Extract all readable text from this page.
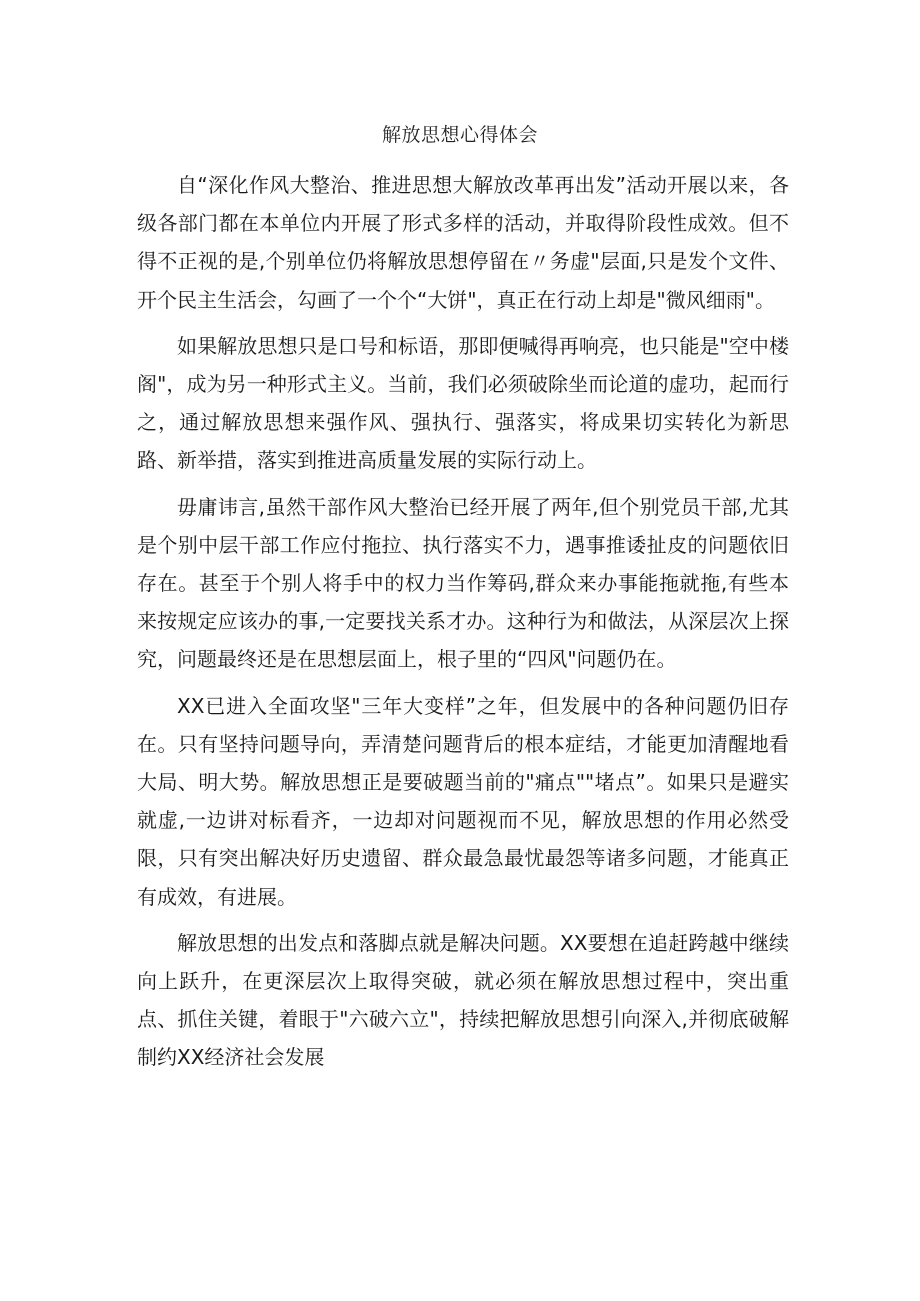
解放思想心得体会

自“深化作风大整治、推进思想大解放改革再出发”活动开展以来，各级各部门都在本单位内开展了形式多样的活动，并取得阶段性成效。但不得不正视的是,个别单位仍将解放思想停留在〃务虚"层面,只是发个文件、开个民主生活会，勾画了一个个“大饼"，真正在行动上却是"微风细雨"。

如果解放思想只是口号和标语，那即便喊得再响亮，也只能是"空中楼阁"，成为另一种形式主义。当前，我们必须破除坐而论道的虚功，起而行之，通过解放思想来强作风、强执行、强落实，将成果切实转化为新思路、新举措，落实到推进高质量发展的实际行动上。

毋庸讳言,虽然干部作风大整治已经开展了两年,但个别党员干部,尤其是个别中层干部工作应付拖拉、执行落实不力，遇事推诿扯皮的问题依旧存在。甚至于个别人将手中的权力当作筹码,群众来办事能拖就拖,有些本来按规定应该办的事,一定要找关系才办。这种行为和做法，从深层次上探究，问题最终还是在思想层面上，根子里的“四风"问题仍在。

XX已进入全面攻坚"三年大变样”之年，但发展中的各种问题仍旧存在。只有坚持问题导向，弄清楚问题背后的根本症结，才能更加清醒地看大局、明大势。解放思想正是要破题当前的"痛点""堵点”。如果只是避实就虚,一边讲对标看齐，一边却对问题视而不见，解放思想的作用必然受限，只有突出解决好历史遗留、群众最急最忧最怨等诸多问题，才能真正有成效，有进展。

解放思想的出发点和落脚点就是解决问题。XX要想在追赶跨越中继续向上跃升，在更深层次上取得突破，就必须在解放思想过程中，突出重点、抓住关键，着眼于"六破六立"，持续把解放思想引向深入,并彻底破解制约XX经济社会发展
